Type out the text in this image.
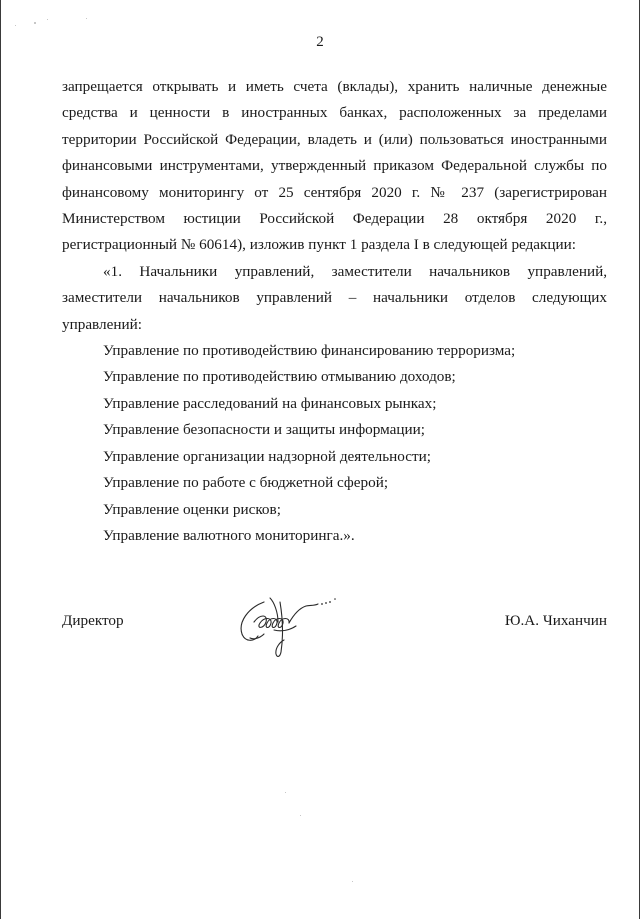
2

запрещается открывать и иметь счета (вклады), хранить наличные денежные средства и ценности в иностранных банках, расположенных за пределами территории Российской Федерации, владеть и (или) пользоваться иностранными финансовыми инструментами, утвержденный приказом Федеральной службы по финансовому мониторингу от 25 сентября 2020 г. № 237 (зарегистрирован Министерством юстиции Российской Федерации 28 октября 2020 г., регистрационный № 60614), изложив пункт 1 раздела I в следующей редакции:

«1. Начальники управлений, заместители начальников управлений, заместители начальников управлений – начальники отделов следующих управлений:

Управление по противодействию финансированию терроризма;
Управление по противодействию отмыванию доходов;
Управление расследований на финансовых рынках;
Управление безопасности и защиты информации;
Управление организации надзорной деятельности;
Управление по работе с бюджетной сферой;
Управление оценки рисков;
Управление валютного мониторинга.».
Директор	Ю.А. Чиханчин
